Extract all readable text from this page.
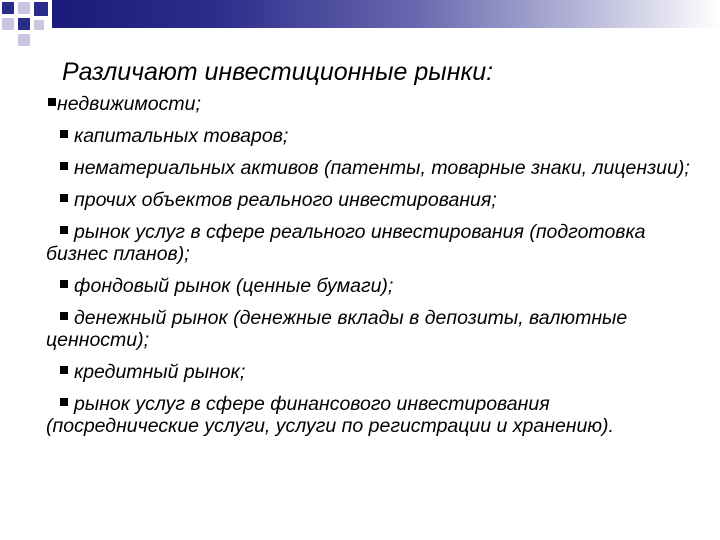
Различают инвестиционные рынки:
недвижимости;
капитальных товаров;
нематериальных активов (патенты, товарные знаки, лицензии);
прочих объектов реального инвестирования;
рынок услуг в сфере реального инвестирования (подготовка бизнес планов);
фондовый рынок (ценные бумаги);
денежный рынок (денежные вклады в депозиты, валютные ценности);
кредитный рынок;
рынок услуг в сфере финансового инвестирования (посреднические услуги, услуги по регистрации и хранению).
